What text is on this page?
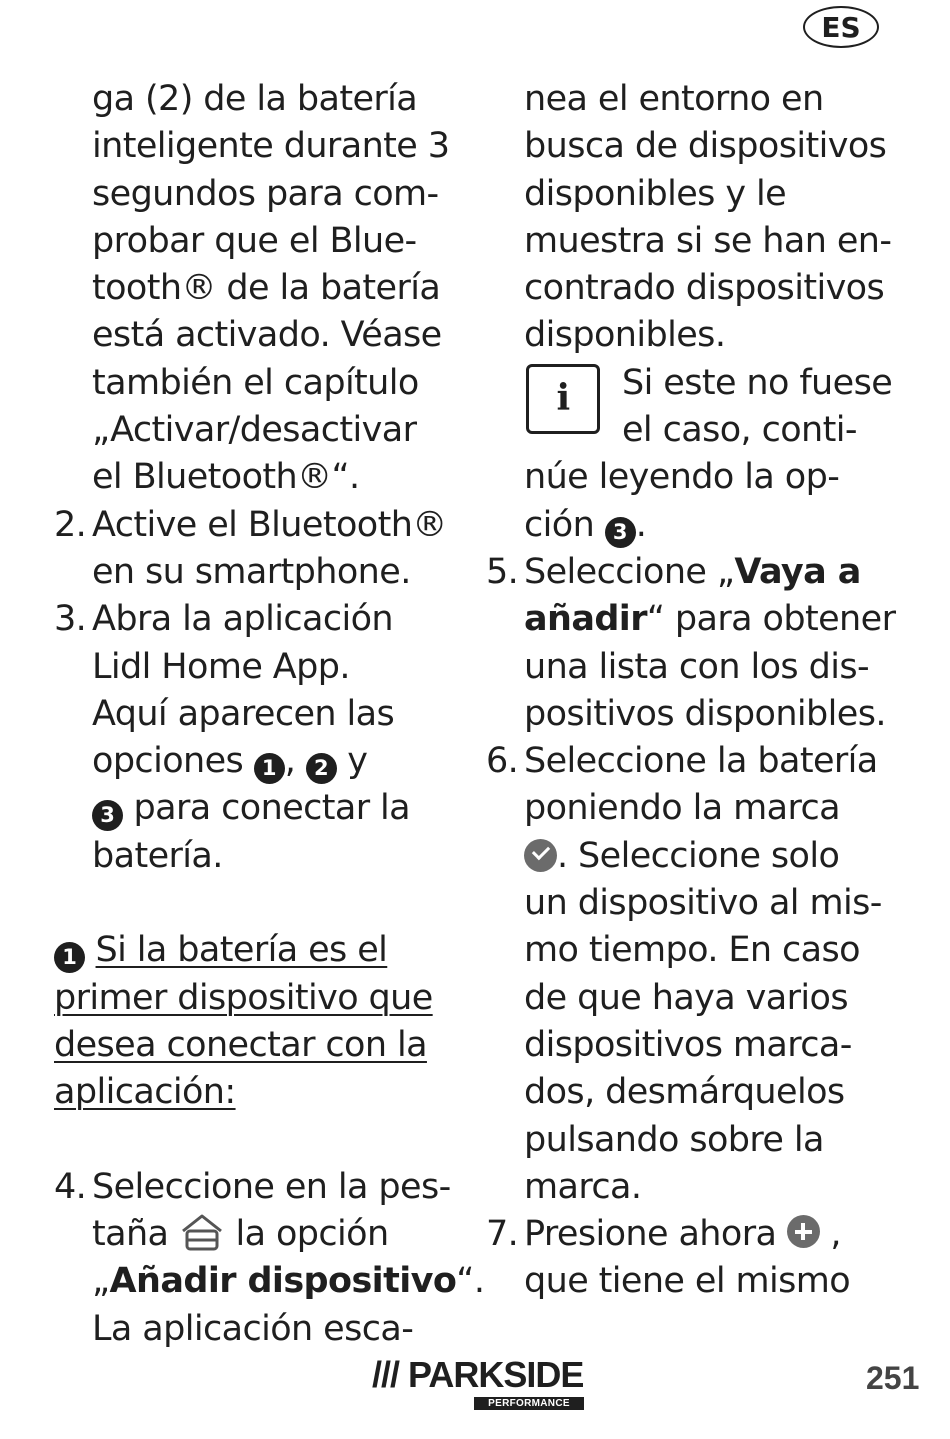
ES
ga (2) de la batería
inteligente durante 3
segundos para com-
probar que el Blue-
tooth® de la batería
está activado. Véase
también el capítulo
„Activar/desactivar
el Bluetooth®“.
2. Active el Bluetooth®
en su smartphone.
3. Abra la aplicación
Lidl Home App.
Aquí aparecen las
opciones 1 , 2 y
3 para conectar la
batería.
1 Si la batería es el
primer dispositivo que
desea conectar con la
aplicación:
4. Seleccione en la pes-
taña  la opción
„Añadir dispositivo“.
La aplicación esca-
nea el entorno en
busca de dispositivos
disponibles y le
muestra si se han en-
contrado dispositivos
disponibles.
i	Si este no fuese
el caso, conti-
núe leyendo la op-
ción 3 .
5. Seleccione „Vaya a
añadir“ para obtener
una lista con los dis-
positivos disponibles.
6. Seleccione la batería
poniendo la marca
. Seleccione solo
un dispositivo al mis-
mo tiempo. En caso
de que haya varios
dispositivos marca-
dos, desmárquelos
pulsando sobre la
marca.
7. Presione ahora  ,
que tiene el mismo
/// PARKSIDE
PERFORMANCE
251
